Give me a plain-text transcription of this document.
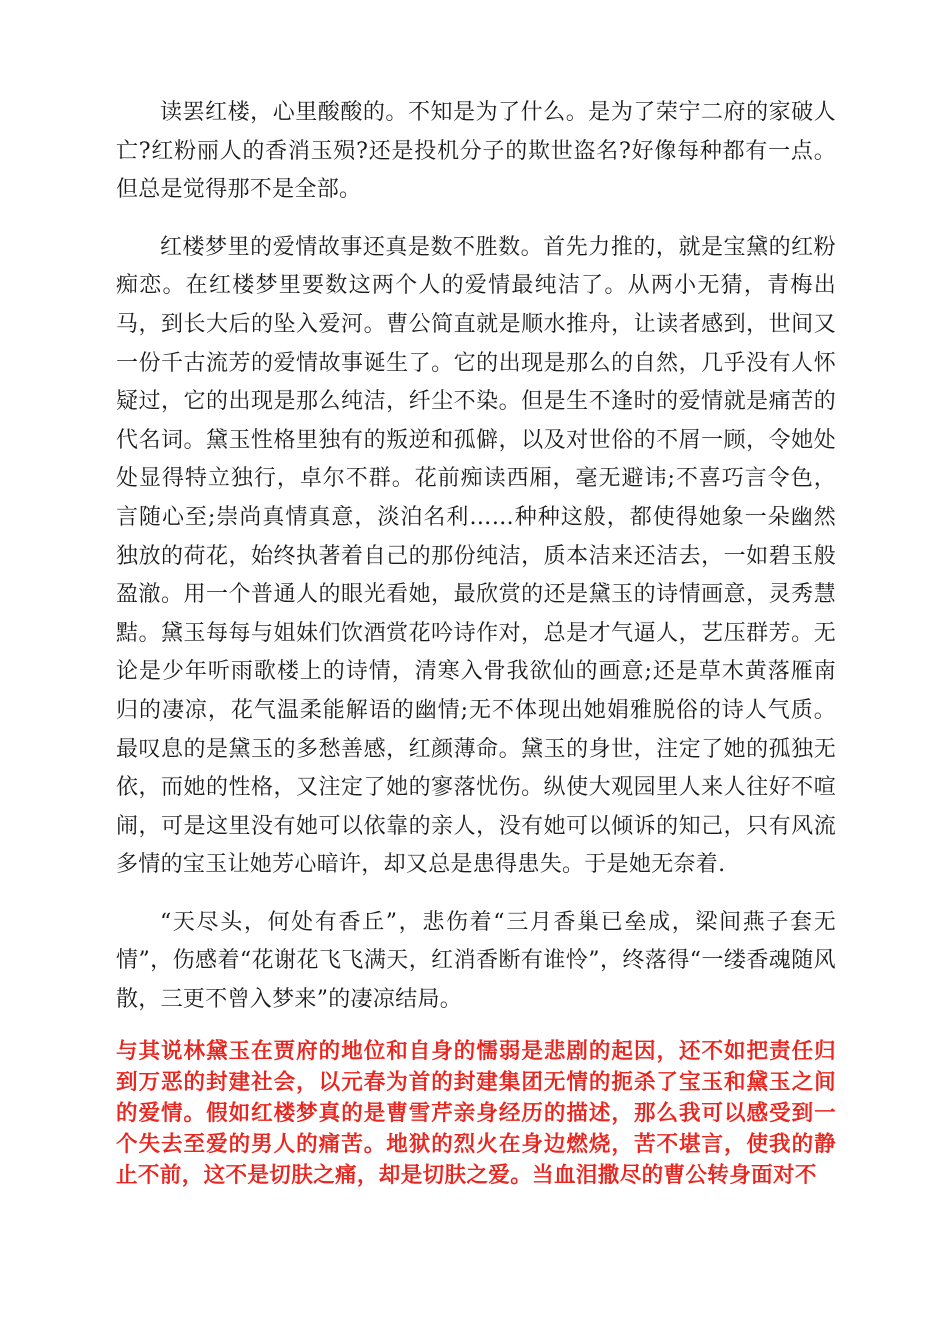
读罢红楼，心里酸酸的。不知是为了什么。是为了荣宁二府的家破人亡?红粉丽人的香消玉殒?还是投机分子的欺世盗名?好像每种都有一点。但总是觉得那不是全部。

红楼梦里的爱情故事还真是数不胜数。首先力推的，就是宝黛的红粉痴恋。在红楼梦里要数这两个人的爱情最纯洁了。从两小无猜，青梅出马，到长大后的坠入爱河。曹公简直就是顺水推舟，让读者感到，世间又一份千古流芳的爱情故事诞生了。它的出现是那么的自然，几乎没有人怀疑过，它的出现是那么纯洁，纤尘不染。但是生不逢时的爱情就是痛苦的代名词。黛玉性格里独有的叛逆和孤僻，以及对世俗的不屑一顾，令她处处显得特立独行，卓尔不群。花前痴读西厢，毫无避讳;不喜巧言令色，言随心至;崇尚真情真意，淡泊名利……种种这般，都使得她象一朵幽然独放的荷花，始终执著着自己的那份纯洁，质本洁来还洁去，一如碧玉般盈澈。用一个普通人的眼光看她，最欣赏的还是黛玉的诗情画意，灵秀慧黠。黛玉每每与姐妹们饮酒赏花吟诗作对，总是才气逼人，艺压群芳。无论是少年听雨歌楼上的诗情，清寒入骨我欲仙的画意;还是草木黄落雁南归的凄凉，花气温柔能解语的幽情;无不体现出她娟雅脱俗的诗人气质。最叹息的是黛玉的多愁善感，红颜薄命。黛玉的身世，注定了她的孤独无依，而她的性格，又注定了她的寥落忧伤。纵使大观园里人来人往好不喧闹，可是这里没有她可以依靠的亲人，没有她可以倾诉的知己，只有风流多情的宝玉让她芳心暗许，却又总是患得患失。于是她无奈着.

“天尽头，何处有香丘”，悲伤着“三月香巢已垒成，梁间燕子套无情”，伤感着“花谢花飞飞满天，红消香断有谁怜”，终落得“一缕香魂随风散，三更不曾入梦来”的凄凉结局。

与其说林黛玉在贾府的地位和自身的懦弱是悲剧的起因，还不如把责任归到万恶的封建社会，以元春为首的封建集团无情的扼杀了宝玉和黛玉之间的爱情。假如红楼梦真的是曹雪芹亲身经历的描述，那么我可以感受到一个失去至爱的男人的痛苦。地狱的烈火在身边燃烧，苦不堪言，使我的静止不前，这不是切肤之痛，却是切肤之爱。当血泪撒尽的曹公转身面对不
